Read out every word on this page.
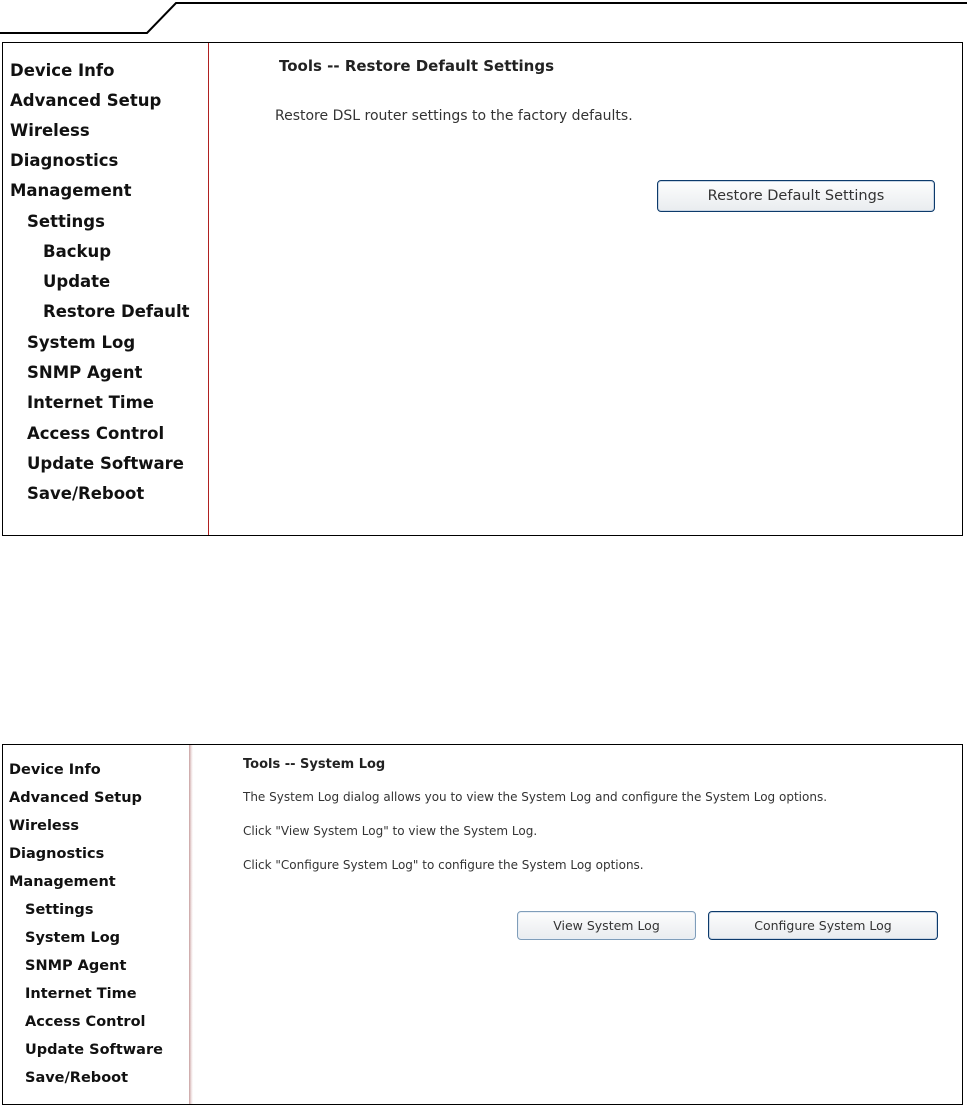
Device Info
Advanced Setup
Wireless
Diagnostics
Management
Settings
Backup
Update
Restore Default
System Log
SNMP Agent
Internet Time
Access Control
Update Software
Save/Reboot
Tools -- Restore Default Settings
Restore DSL router settings to the factory defaults.
Restore Default Settings
Device Info
Advanced Setup
Wireless
Diagnostics
Management
Settings
System Log
SNMP Agent
Internet Time
Access Control
Update Software
Save/Reboot
Tools -- System Log
The System Log dialog allows you to view the System Log and configure the System Log options.
Click "View System Log" to view the System Log.
Click "Configure System Log" to configure the System Log options.
View System Log	Configure System Log
